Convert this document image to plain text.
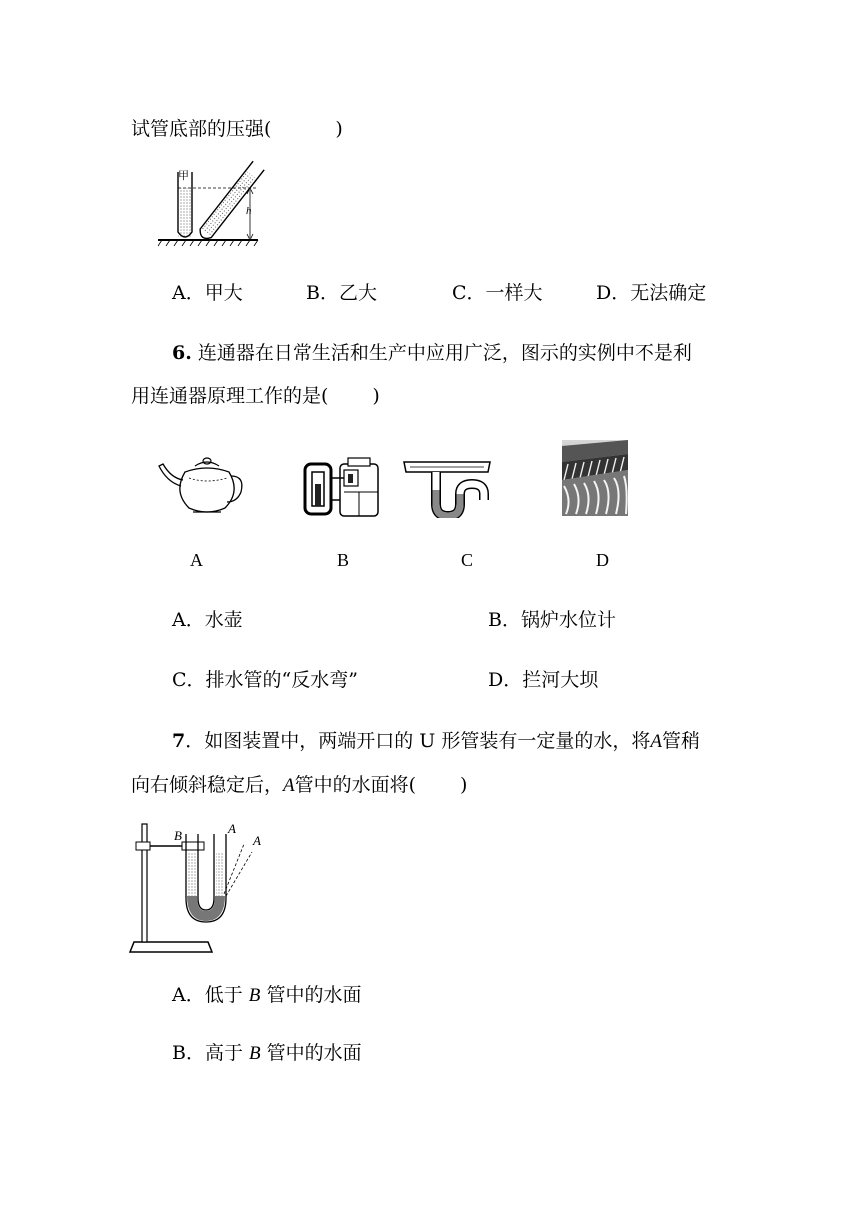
试管底部的压强(	)
甲
h
A．甲大	B．乙大	C．一样大	D．无法确定
6. 连通器在日常生活和生产中应用广泛，图示的实例中不是利
用连通器原理工作的是( )
A	B	C	D
A．水壶	B．锅炉水位计
C．排水管的“反水弯”	D．拦河大坝
7．如图装置中，两端开口的 U 形管装有一定量的水，将A管稍
向右倾斜稳定后，A管中的水面将( )
B	A
A
A．低于 B 管中的水面
B．高于 B 管中的水面
